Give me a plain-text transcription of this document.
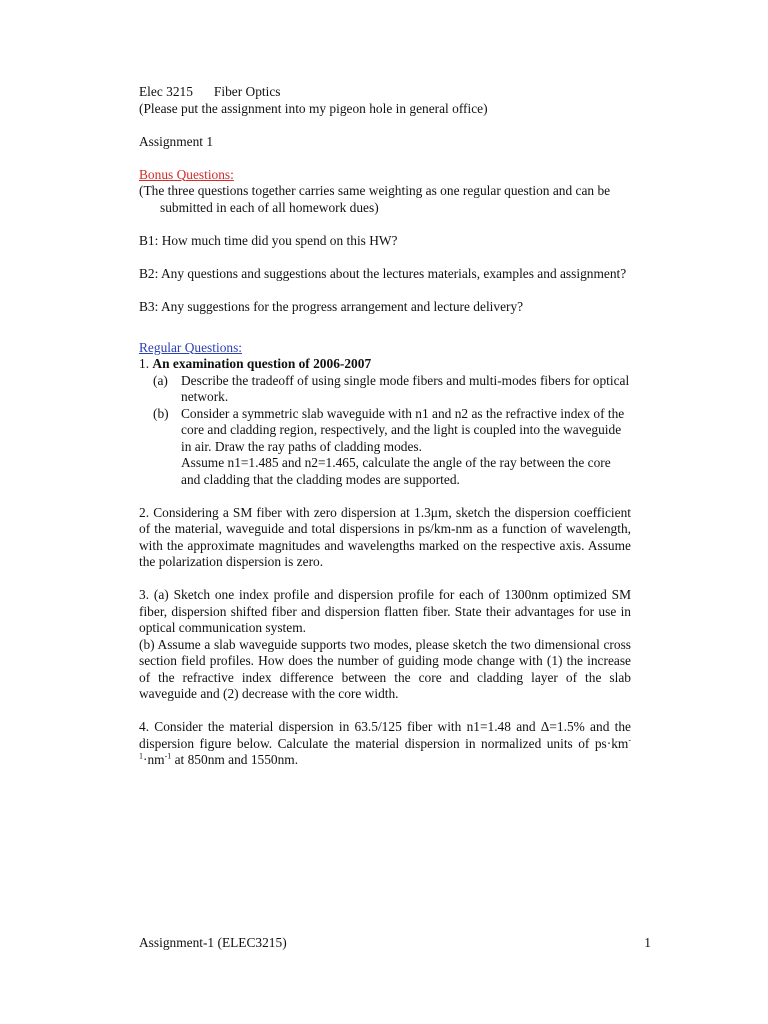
Elec 3215 Fiber Optics

(Please put the assignment into my pigeon hole in general office)

Assignment 1

Bonus Questions:

(The three questions together carries same weighting as one regular question and can be submitted in each of all homework dues)

B1: How much time did you spend on this HW?

B2: Any questions and suggestions about the lectures materials, examples and assignment?

B3: Any suggestions for the progress arrangement and lecture delivery?

Regular Questions:

1. An examination question of 2006-2007

(a) Describe the tradeoff of using single mode fibers and multi-modes fibers for optical network.
(b) Consider a symmetric slab waveguide with n1 and n2 as the refractive index of the core and cladding region, respectively, and the light is coupled into the waveguide in air. Draw the ray paths of cladding modes.
Assume n1=1.485 and n2=1.465, calculate the angle of the ray between the core and cladding that the cladding modes are supported.

2. Considering a SM fiber with zero dispersion at 1.3μm, sketch the dispersion coefficient of the material, waveguide and total dispersions in ps/km-nm as a function of wavelength, with the approximate magnitudes and wavelengths marked on the respective axis. Assume the polarization dispersion is zero.

3. (a) Sketch one index profile and dispersion profile for each of 1300nm optimized SM fiber, dispersion shifted fiber and dispersion flatten fiber. State their advantages for use in optical communication system.

(b) Assume a slab waveguide supports two modes, please sketch the two dimensional cross section field profiles. How does the number of guiding mode change with (1) the increase of the refractive index difference between the core and cladding layer of the slab waveguide and (2) decrease with the core width.

4. Consider the material dispersion in 63.5/125 fiber with n1=1.48 and Δ=1.5% and the dispersion figure below. Calculate the material dispersion in normalized units of $ps\cdot km^{-1}\cdot nm^{-1}$ at 850nm and 1550nm.

Assignment-1 (ELEC3215)	1
